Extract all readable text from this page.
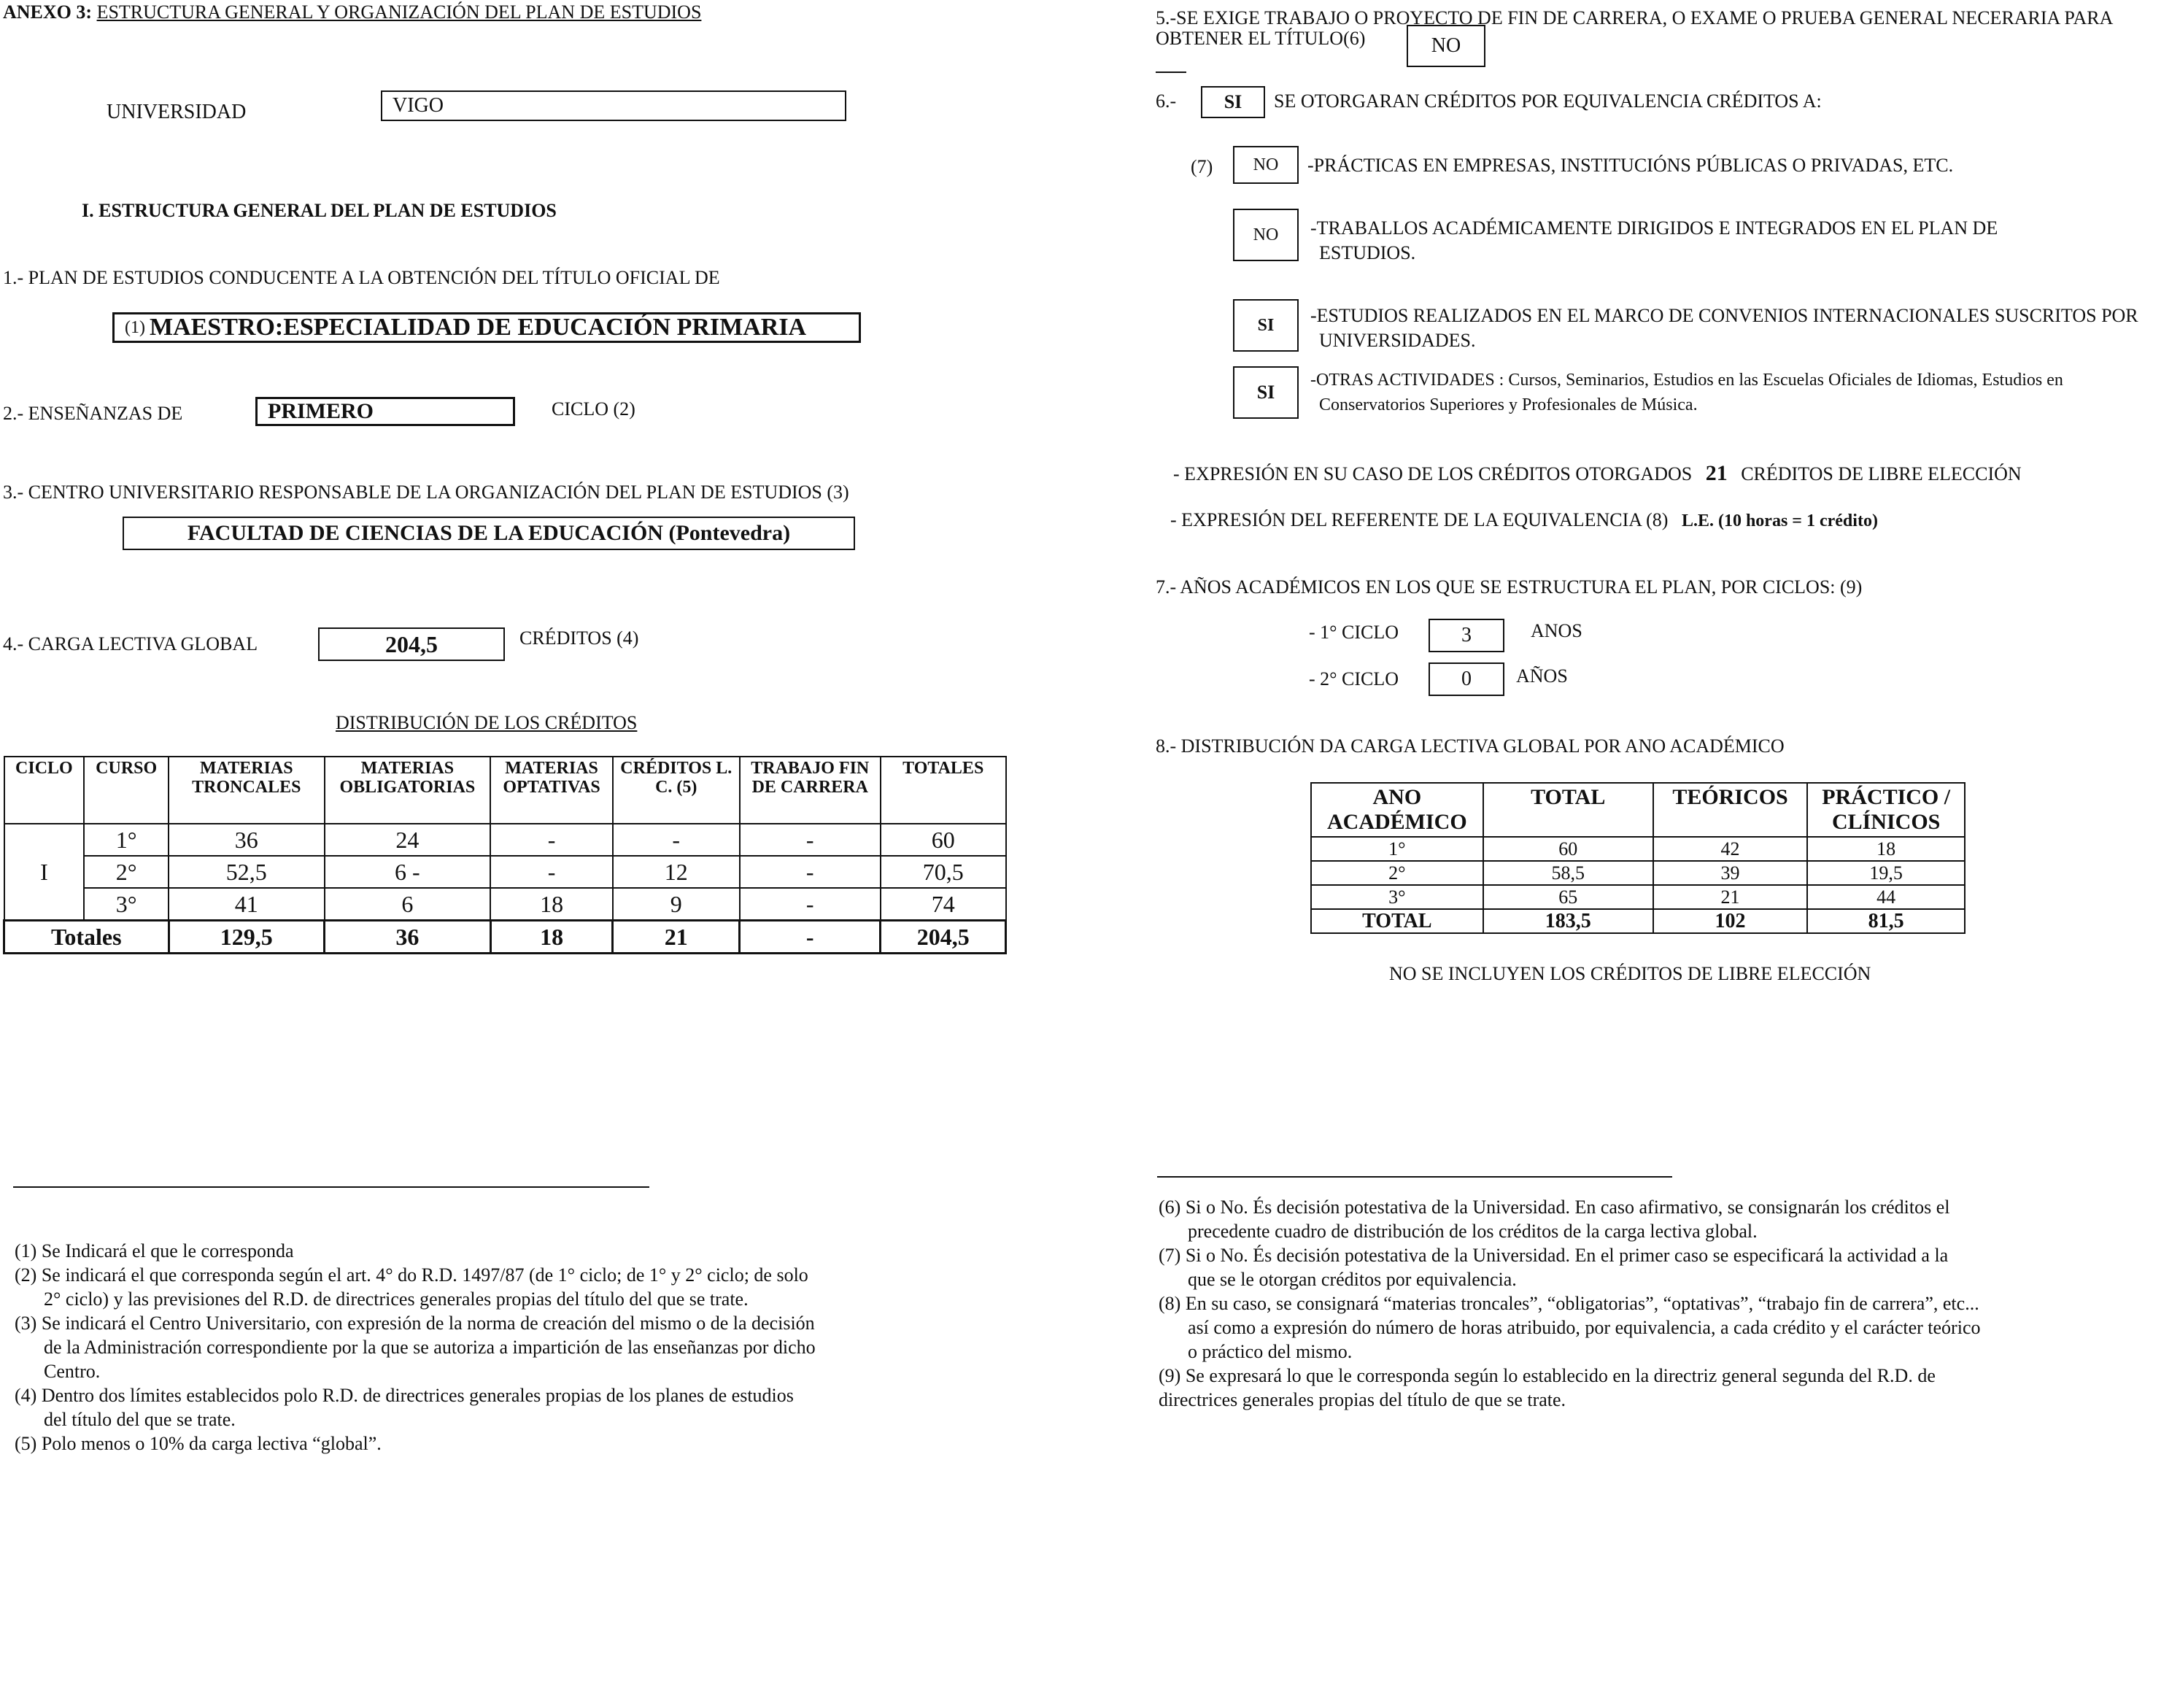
ANEXO 3: ESTRUCTURA GENERAL Y ORGANIZACIÓN DEL PLAN DE ESTUDIOS
UNIVERSIDAD	VIGO
I. ESTRUCTURA GENERAL DEL PLAN DE ESTUDIOS
1.- PLAN DE ESTUDIOS CONDUCENTE A LA OBTENCIÓN DEL TÍTULO OFICIAL DE
(1) MAESTRO:ESPECIALIDAD DE EDUCACIÓN PRIMARIA
2.- ENSEÑANZAS DE	PRIMERO	CICLO (2)
3.- CENTRO UNIVERSITARIO RESPONSABLE DE LA ORGANIZACIÓN DEL PLAN DE ESTUDIOS (3)
FACULTAD DE CIENCIAS DE LA EDUCACIÓN (Pontevedra)
4.- CARGA LECTIVA GLOBAL	204,5	CRÉDITOS (4)
DISTRIBUCIÓN DE LOS CRÉDITOS
CICLO	CURSO	MATERIAS TRONCALES	MATERIAS OBLIGATORIAS	MATERIAS OPTATIVAS	CRÉDITOS L. C. (5)	TRABAJO FIN DE CARRERA	TOTALES
I	1°	36	24	-	-	-	60
	2°	52,5	6 -	-	12	-	70,5
	3°	41	6	18	9	-	74
Totales		129,5	36	18	21	-	204,5
(1) Se Indicará el que le corresponda
(2) Se indicará el que corresponda según el art. 4° do R.D. 1497/87 (de 1° ciclo; de 1° y 2° ciclo; de solo
2° ciclo) y las previsiones del R.D. de directrices generales propias del título del que se trate.
(3) Se indicará el Centro Universitario, con expresión de la norma de creación del mismo o de la decisión
de la Administración correspondiente por la que se autoriza a impartición de las enseñanzas por dicho
Centro.
(4) Dentro dos límites establecidos polo R.D. de directrices generales propias de los planes de estudios
del título del que se trate.
(5) Polo menos o 10% da carga lectiva “global”.
5.-SE EXIGE TRABAJO O PROYECTO DE FIN DE CARRERA, O EXAME O PRUEBA GENERAL NECERARIA PARA
OBTENER EL TÍTULO(6)	NO
6.-	SI SE OTORGARAN CRÉDITOS POR EQUIVALENCIA CRÉDITOS A:
(7) NO -PRÁCTICAS EN EMPRESAS, INSTITUCIÓNS PÚBLICAS O PRIVADAS, ETC.
NO -TRABALLOS ACADÉMICAMENTE DIRIGIDOS E INTEGRADOS EN EL PLAN DE
ESTUDIOS.
SI -ESTUDIOS REALIZADOS EN EL MARCO DE CONVENIOS INTERNACIONALES SUSCRITOS POR
UNIVERSIDADES.
SI
-OTRAS ACTIVIDADES : Cursos, Seminarios, Estudios en las Escuelas Oficiales de Idiomas, Estudios en
Conservatorios Superiores y Profesionales de Música.
- EXPRESIÓN EN SU CASO DE LOS CRÉDITOS OTORGADOS 21 CRÉDITOS DE LIBRE ELECCIÓN
- EXPRESIÓN DEL REFERENTE DE LA EQUIVALENCIA (8) L.E. (10 horas = 1 crédito)
7.- AÑOS ACADÉMICOS EN LOS QUE SE ESTRUCTURA EL PLAN, POR CICLOS: (9)
- 1° CICLO	3	ANOS
- 2° CICLO	0 AÑOS
8.- DISTRIBUCIÓN DA CARGA LECTIVA GLOBAL POR ANO ACADÉMICO
ANO ACADÉMICO	TOTAL	TEÓRICOS	PRÁCTICO / CLÍNICOS
1°	60	42	18
2°	58,5	39	19,5
3°	65	21	44
TOTAL	183,5	102	81,5
NO SE INCLUYEN LOS CRÉDITOS DE LIBRE ELECCIÓN
(6) Si o No. És decisión potestativa de la Universidad. En caso afirmativo, se consignarán los créditos el
precedente cuadro de distribución de los créditos de la carga lectiva global.
(7) Si o No. És decisión potestativa de la Universidad. En el primer caso se especificará la actividad a la
que se le otorgan créditos por equivalencia.
(8) En su caso, se consignará “materias troncales”, “obligatorias”, “optativas”, “trabajo fin de carrera”, etc...
así como a expresión do número de horas atribuido, por equivalencia, a cada crédito y el carácter teórico
o práctico del mismo.
(9) Se expresará lo que le corresponda según lo establecido en la directriz general segunda del R.D. de
directrices generales propias del título de que se trate.
